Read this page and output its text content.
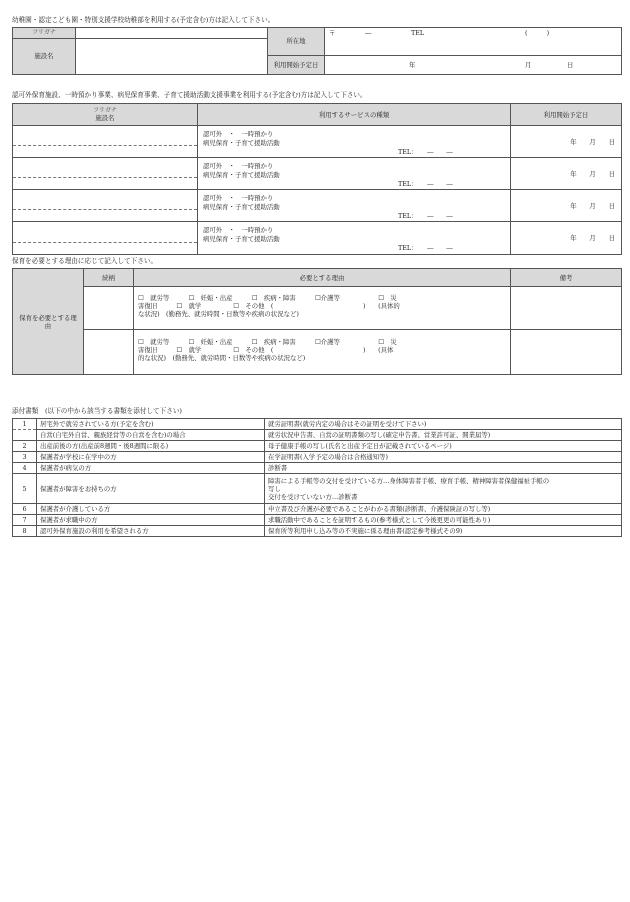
幼稚園・認定こども園・特別支援学校幼稚部を利用する(予定含む)方は記入して下さい。
フリガナ		所在地	〒 ― TEL (　　　)

施設名			
		利用開始予定日	年 月 日
認可外保育施設、一時預かり事業、病児保育事業、子育て援助活動支援事業を利用する(予定含む)方は記入して下さい。
フリガナ
施設名	利用するサービスの種類	利用開始予定日

	認可外　・　一時預かり
病児保育・子育て援助活動
TEL：　　―　　―	年　　月　　日

	認可外　・　一時預かり
病児保育・子育て援助活動
TEL：　　―　　―	年　　月　　日

	認可外　・　一時預かり
病児保育・子育て援助活動
TEL：　　―　　―	年　　月　　日

	認可外　・　一時預かり
病児保育・子育て援助活動
TEL：　　―　　―	年　　月　　日
保育を必要とする理由に応じて記入して下さい。
保育を必要とする理由	続柄	必要とする理由	備考

		☐　就労等　　　☐　妊娠・出産　　　☐　疾病・障害　　　☐介護等　　　　　　☐　災
害復旧　　　☐　就学　　　　　☐　その他　(　　　　　　　　　　　　　　)　　(具体的
な状況)　(勤務先、就労時間・日数等や疾病の状況など)	

		☐　就労等　　　☐　妊娠・出産　　　☐　疾病・障害　　　☐介護等　　　　　　☐　災
害復旧　　　☐　就学　　　　　☐　その他　(　　　　　　　　　　　　　　)　　(具体
的な状況)　(勤務先、就労時間・日数等や疾病の状況など)	

添付書類　(以下の中から該当する書類を添付して下さい)
1	居宅外で就労されている方(予定を含む)	就労証明書(就労内定の場合はその証明を受けて下さい)
	自営(自宅外自営、親族経営等の自営を含む)の場合	就労状況申告書、自営の証明書類の写し(確定申告書、営業許可証、開業届等)
2	出産前後の方(出産前8週間・後8週間に限る)	母子健康手帳の写し(氏名と出産予定日が記載されているページ)
3	保護者が学校に在学中の方	在学証明書(入学予定の場合は合格通知等)
4	保護者が病気の方	診断書
5	保護者が障害をお持ちの方	障害による手帳等の交付を受けている方…身体障害者手帳、療育手帳、精神障害者保健福祉手帳の
写し
交付を受けていない方…診断書

6	保護者が介護している方	申立書及び介護が必要であることがわかる書類(診断書、介護保険証の写し等)
7	保護者が求職中の方	求職活動中であることを証明するもの(参考様式として今後更更の可能性あり)
8	認可外保育施設の利用を希望される方	保育所等利用申し込み等の不実施に係る理由書(認定参考様式その9)
